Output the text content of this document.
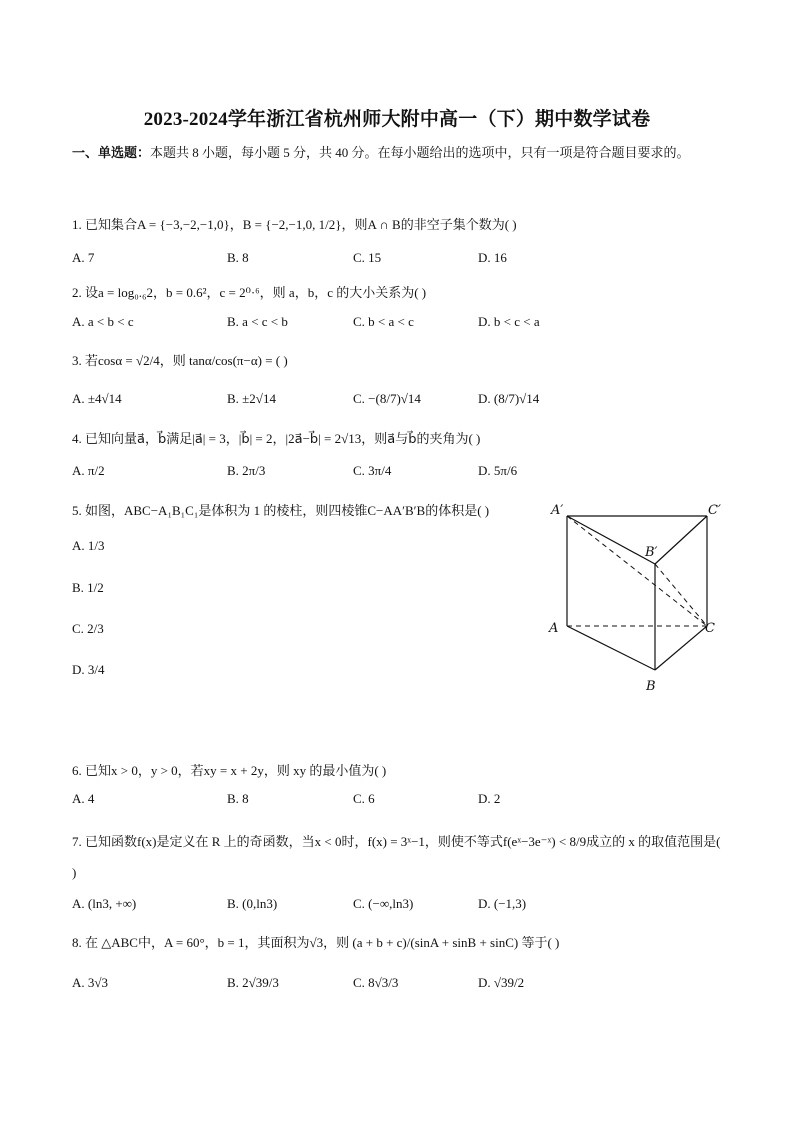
2023-2024学年浙江省杭州师大附中高一（下）期中数学试卷
一、单选题：本题共 8 小题，每小题 5 分，共 40 分。在每小题给出的选项中，只有一项是符合题目要求的。
1. 已知集合A = {−3,−2,−1,0}，B = {−2,−1,0, 1/2}，则A ∩ B的非空子集个数为( )
A. 7	B. 8	C. 15	D. 16
2. 设a = log₀.₆2，b = 0.6²，c = 2⁰·⁶，则 a，b，c 的大小关系为( )
A. a < b < c	B. a < c < b	C. b < a < c	D. b < c < a
3. 若cosα = √2/4，则 tanα/cos(π−α) = ( )
A. ±4√14	B. ±2√14	C. −(8/7)√14	D. (8/7)√14
4. 已知向量a⃗，b⃗满足|a⃗| = 3，|b⃗| = 2，|2a⃗−b⃗| = 2√13，则a⃗与b⃗的夹角为( )
A. π/2	B. 2π/3	C. 3π/4	D. 5π/6
5. 如图，ABC−A₁B₁C₁是体积为 1 的棱柱，则四棱锥C−AA′B′B的体积是( )
A. 1/3
B. 1/2
C. 2/3
D. 3/4
A′	C′
B′
A	C
B
6. 已知x > 0，y > 0，若xy = x + 2y，则 xy 的最小值为( )
A. 4	B. 8	C. 6	D. 2
7. 已知函数f(x)是定义在 R 上的奇函数，当x < 0时，f(x) = 3ˣ−1，则使不等式f(eˣ−3e⁻ˣ) < 8/9成立的 x 的取值范围是( )
A. (ln3, +∞)	B. (0,ln3)	C. (−∞,ln3)	D. (−1,3)
8. 在 △ABC中，A = 60°，b = 1，其面积为√3，则 (a + b + c)/(sinA + sinB + sinC) 等于( )
A. 3√3	B. 2√39/3	C. 8√3/3	D. √39/2
